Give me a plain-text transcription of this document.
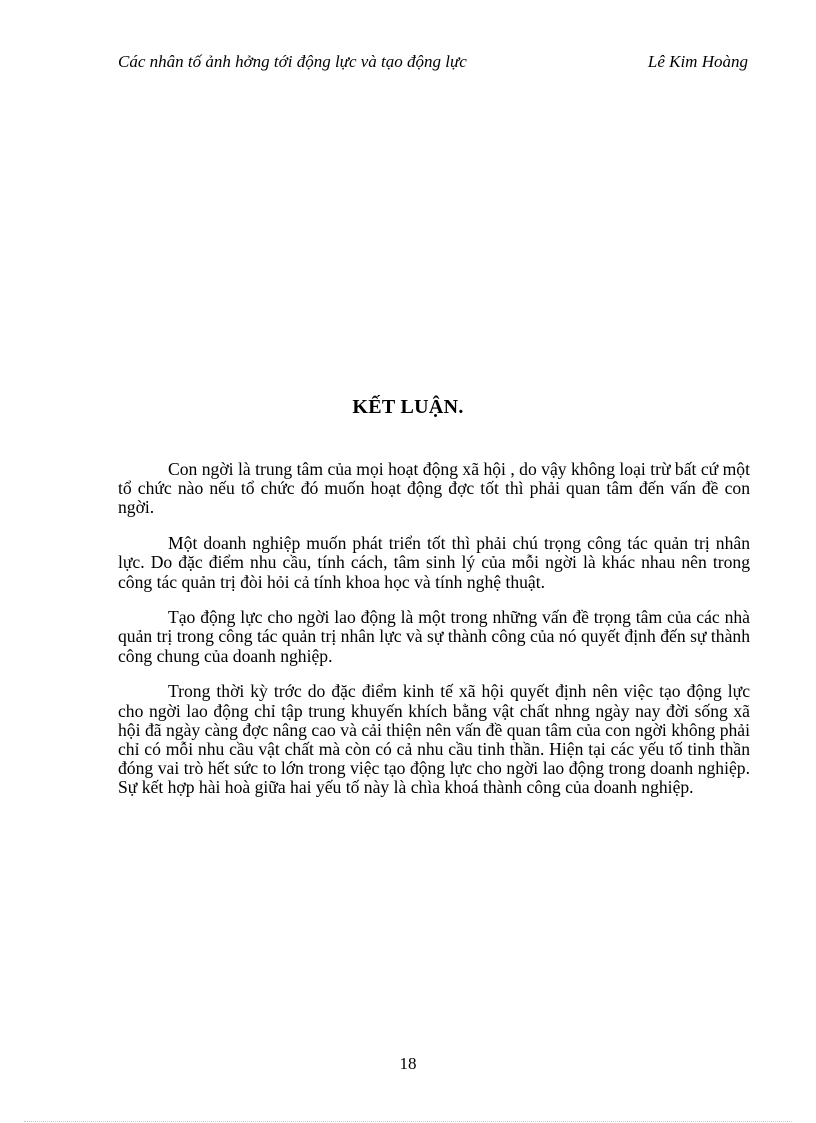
Các nhân tố ảnh hởng tới động lực và tạo động lực	Lê Kim Hoàng
KẾT LUẬN.

Con ngời là trung tâm của mọi hoạt động xã hội , do vậy không loại trừ bất cứ một tổ chức nào nếu tổ chức đó muốn hoạt động đợc tốt thì phải quan tâm đến vấn đề con ngời.

Một doanh nghiệp muốn phát triển tốt thì phải chú trọng công tác quản trị nhân lực. Do đặc điểm nhu cầu, tính cách, tâm sinh lý của mỗi ngời là khác nhau nên trong công tác quản trị đòi hỏi cả tính khoa học và tính nghệ thuật.

Tạo động lực cho ngời lao động là một trong những vấn đề trọng tâm của các nhà quản trị trong công tác quản trị nhân lực và sự thành công của nó quyết định đến sự thành công chung của doanh nghiệp.

Trong thời kỳ trớc do đặc điểm kinh tế xã hội quyết định nên việc tạo động lực cho ngời lao động chỉ tập trung khuyến khích bằng vật chất nhng ngày nay đời sống xã hội đã ngày càng đợc nâng cao và cải thiện nên vấn đề quan tâm của con ngời không phải chỉ có mỗi nhu cầu vật chất mà còn có cả nhu cầu tinh thần. Hiện tại các yếu tố tinh thần đóng vai trò hết sức to lớn trong việc tạo động lực cho ngời lao động trong doanh nghiệp. Sự kết hợp hài hoà giữa hai yếu tố này là chìa khoá thành công của doanh nghiệp.

18
